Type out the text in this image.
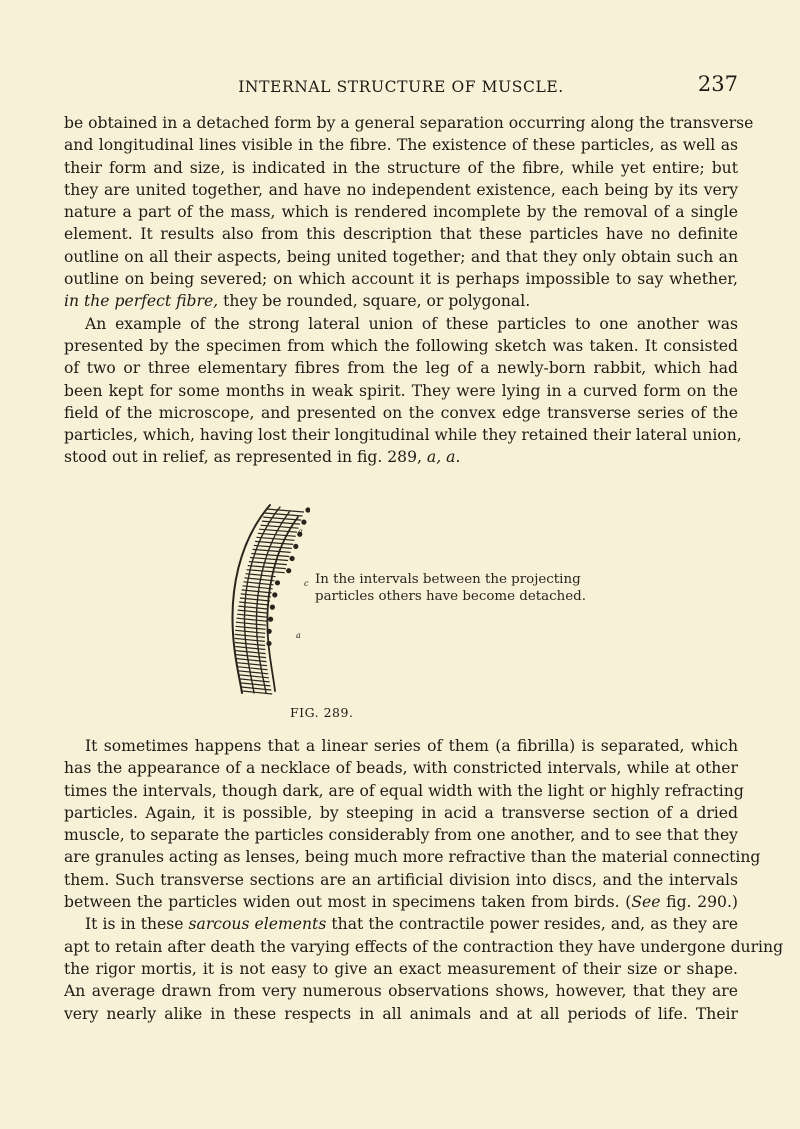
INTERNAL STRUCTURE OF MUSCLE.	237
be obtained in a detached form by a general separation occurring along the transverse
and longitudinal lines visible in the fibre. The existence of these particles, as well as
their form and size, is indicated in the structure of the fibre, while yet entire; but
they are united together, and have no independent existence, each being by its very
nature a part of the mass, which is rendered incomplete by the removal of a single
element. It results also from this description that these particles have no definite
outline on all their aspects, being united together; and that they only obtain such an
outline on being severed; on which account it is perhaps impossible to say whether,
in the perfect fibre, they be rounded, square, or polygonal.
An example of the strong lateral union of these particles to one another was
presented by the specimen from which the following sketch was taken. It consisted
of two or three elementary fibres from the leg of a newly-born rabbit, which had
been kept for some months in weak spirit. They were lying in a curved form on the
field of the microscope, and presented on the convex edge transverse series of the
particles, which, having lost their longitudinal while they retained their lateral union,
stood out in relief, as represented in fig. 289, a, a.
a
c
a
In the intervals between the projecting
particles others have become detached.
FIG. 289.
It sometimes happens that a linear series of them (a fibrilla) is separated, which
has the appearance of a necklace of beads, with constricted intervals, while at other
times the intervals, though dark, are of equal width with the light or highly refracting
particles. Again, it is possible, by steeping in acid a transverse section of a dried
muscle, to separate the particles considerably from one another, and to see that they
are granules acting as lenses, being much more refractive than the material connecting
them. Such transverse sections are an artificial division into discs, and the intervals
between the particles widen out most in specimens taken from birds. (See fig. 290.)
It is in these sarcous elements that the contractile power resides, and, as they are
apt to retain after death the varying effects of the contraction they have undergone during
the rigor mortis, it is not easy to give an exact measurement of their size or shape.
An average drawn from very numerous observations shows, however, that they are
very nearly alike in these respects in all animals and at all periods of life. Their
